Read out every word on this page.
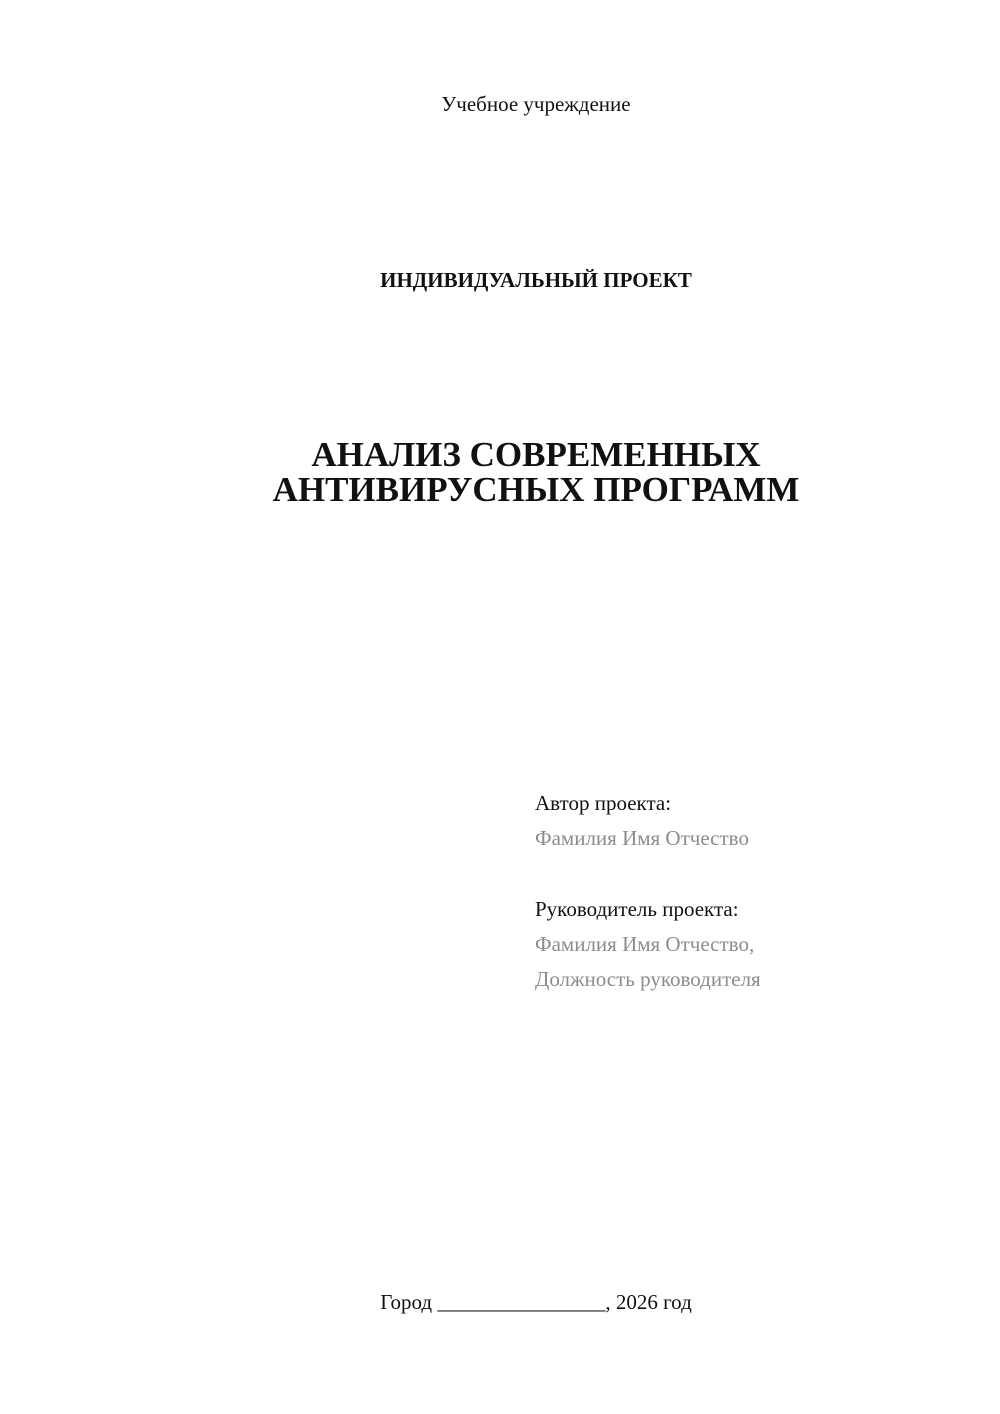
Учебное учреждение
ИНДИВИДУАЛЬНЫЙ ПРОЕКТ
АНАЛИЗ СОВРЕМЕННЫХ
АНТИВИРУСНЫХ ПРОГРАММ
Автор проекта:
Фамилия Имя Отчество
Руководитель проекта:
Фамилия Имя Отчество,
Должность руководителя
Город ________________, 2026 год
